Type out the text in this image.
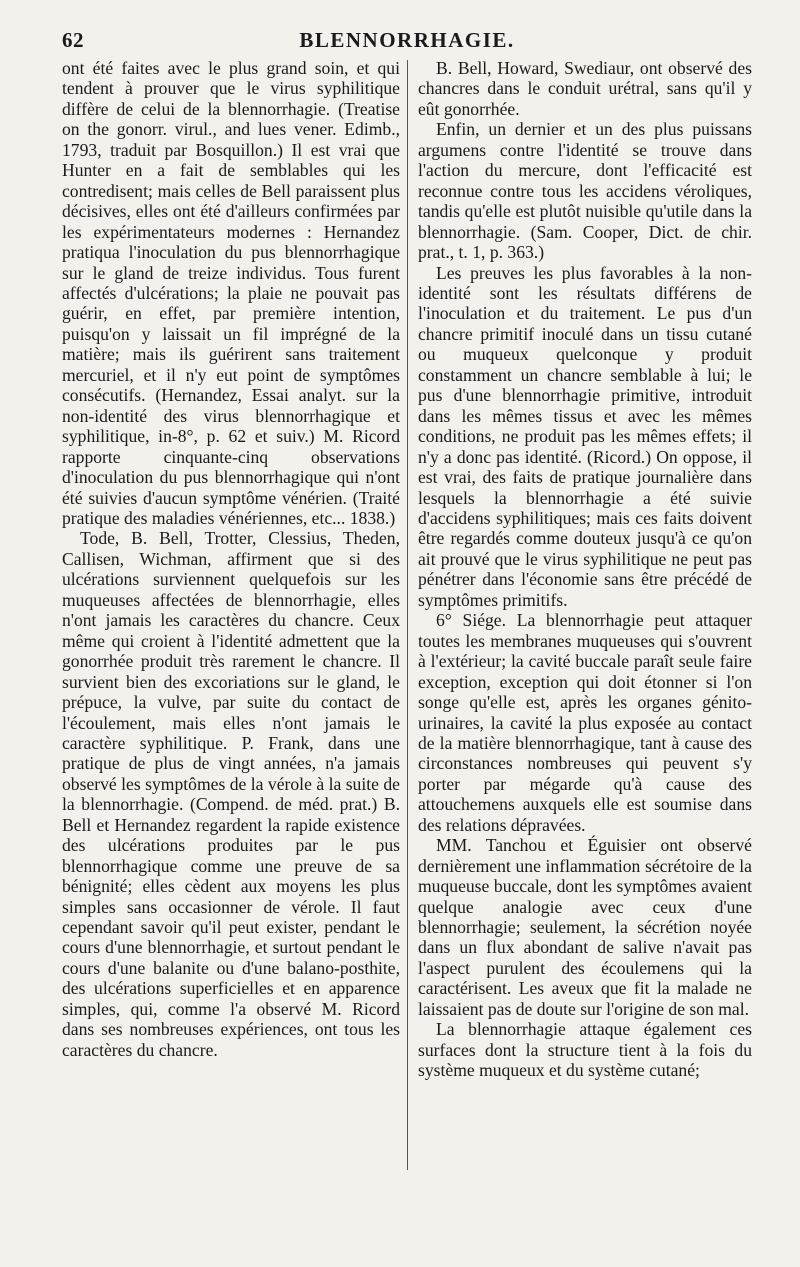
62	BLENNORRHAGIE.

ont été faites avec le plus grand soin, et qui tendent à prouver que le virus syphilitique diffère de celui de la blennorrhagie. (Treatise on the gonorr. virul., and lues vener. Edimb., 1793, traduit par Bosquillon.) Il est vrai que Hunter en a fait de semblables qui les contredisent; mais celles de Bell paraissent plus décisives, elles ont été d'ailleurs confirmées par les expérimentateurs modernes : Hernandez pratiqua l'inoculation du pus blennorrhagique sur le gland de treize individus. Tous furent affectés d'ulcérations; la plaie ne pouvait pas guérir, en effet, par première intention, puisqu'on y laissait un fil imprégné de la matière; mais ils guérirent sans traitement mercuriel, et il n'y eut point de symptômes consécutifs. (Hernandez, Essai analyt. sur la non-identité des virus blennorrhagique et syphilitique, in-8°, p. 62 et suiv.) M. Ricord rapporte cinquante-cinq observations d'inoculation du pus blennorrhagique qui n'ont été suivies d'aucun symptôme vénérien. (Traité pratique des maladies vénériennes, etc... 1838.)

Tode, B. Bell, Trotter, Clessius, Theden, Callisen, Wichman, affirment que si des ulcérations surviennent quelquefois sur les muqueuses affectées de blennorrhagie, elles n'ont jamais les caractères du chancre. Ceux même qui croient à l'identité admettent que la gonorrhée produit très rarement le chancre. Il survient bien des excoriations sur le gland, le prépuce, la vulve, par suite du contact de l'écoulement, mais elles n'ont jamais le caractère syphilitique. P. Frank, dans une pratique de plus de vingt années, n'a jamais observé les symptômes de la vérole à la suite de la blennorrhagie. (Compend. de méd. prat.) B. Bell et Hernandez regardent la rapide existence des ulcérations produites par le pus blennorrhagique comme une preuve de sa bénignité; elles cèdent aux moyens les plus simples sans occasionner de vérole. Il faut cependant savoir qu'il peut exister, pendant le cours d'une blennorrhagie, et surtout pendant le cours d'une balanite ou d'une balano-posthite, des ulcérations superficielles et en apparence simples, qui, comme l'a observé M. Ricord dans ses nombreuses expériences, ont tous les caractères du chancre.

B. Bell, Howard, Swediaur, ont observé des chancres dans le conduit urétral, sans qu'il y eût gonorrhée.

Enfin, un dernier et un des plus puissans argumens contre l'identité se trouve dans l'action du mercure, dont l'efficacité est reconnue contre tous les accidens véroliques, tandis qu'elle est plutôt nuisible qu'utile dans la blennorrhagie. (Sam. Cooper, Dict. de chir. prat., t. 1, p. 363.)

Les preuves les plus favorables à la non-identité sont les résultats différens de l'inoculation et du traitement. Le pus d'un chancre primitif inoculé dans un tissu cutané ou muqueux quelconque y produit constamment un chancre semblable à lui; le pus d'une blennorrhagie primitive, introduit dans les mêmes tissus et avec les mêmes conditions, ne produit pas les mêmes effets; il n'y a donc pas identité. (Ricord.) On oppose, il est vrai, des faits de pratique journalière dans lesquels la blennorrhagie a été suivie d'accidens syphilitiques; mais ces faits doivent être regardés comme douteux jusqu'à ce qu'on ait prouvé que le virus syphilitique ne peut pas pénétrer dans l'économie sans être précédé de symptômes primitifs.

6° Siége. La blennorrhagie peut attaquer toutes les membranes muqueuses qui s'ouvrent à l'extérieur; la cavité buccale paraît seule faire exception, exception qui doit étonner si l'on songe qu'elle est, après les organes génito-urinaires, la cavité la plus exposée au contact de la matière blennorrhagique, tant à cause des circonstances nombreuses qui peuvent s'y porter par mégarde qu'à cause des attouchemens auxquels elle est soumise dans des relations dépravées.

MM. Tanchou et Éguisier ont observé dernièrement une inflammation sécrétoire de la muqueuse buccale, dont les symptômes avaient quelque analogie avec ceux d'une blennorrhagie; seulement, la sécrétion noyée dans un flux abondant de salive n'avait pas l'aspect purulent des écoulemens qui la caractérisent. Les aveux que fit la malade ne laissaient pas de doute sur l'origine de son mal.

La blennorrhagie attaque également ces surfaces dont la structure tient à la fois du système muqueux et du système cutané;
